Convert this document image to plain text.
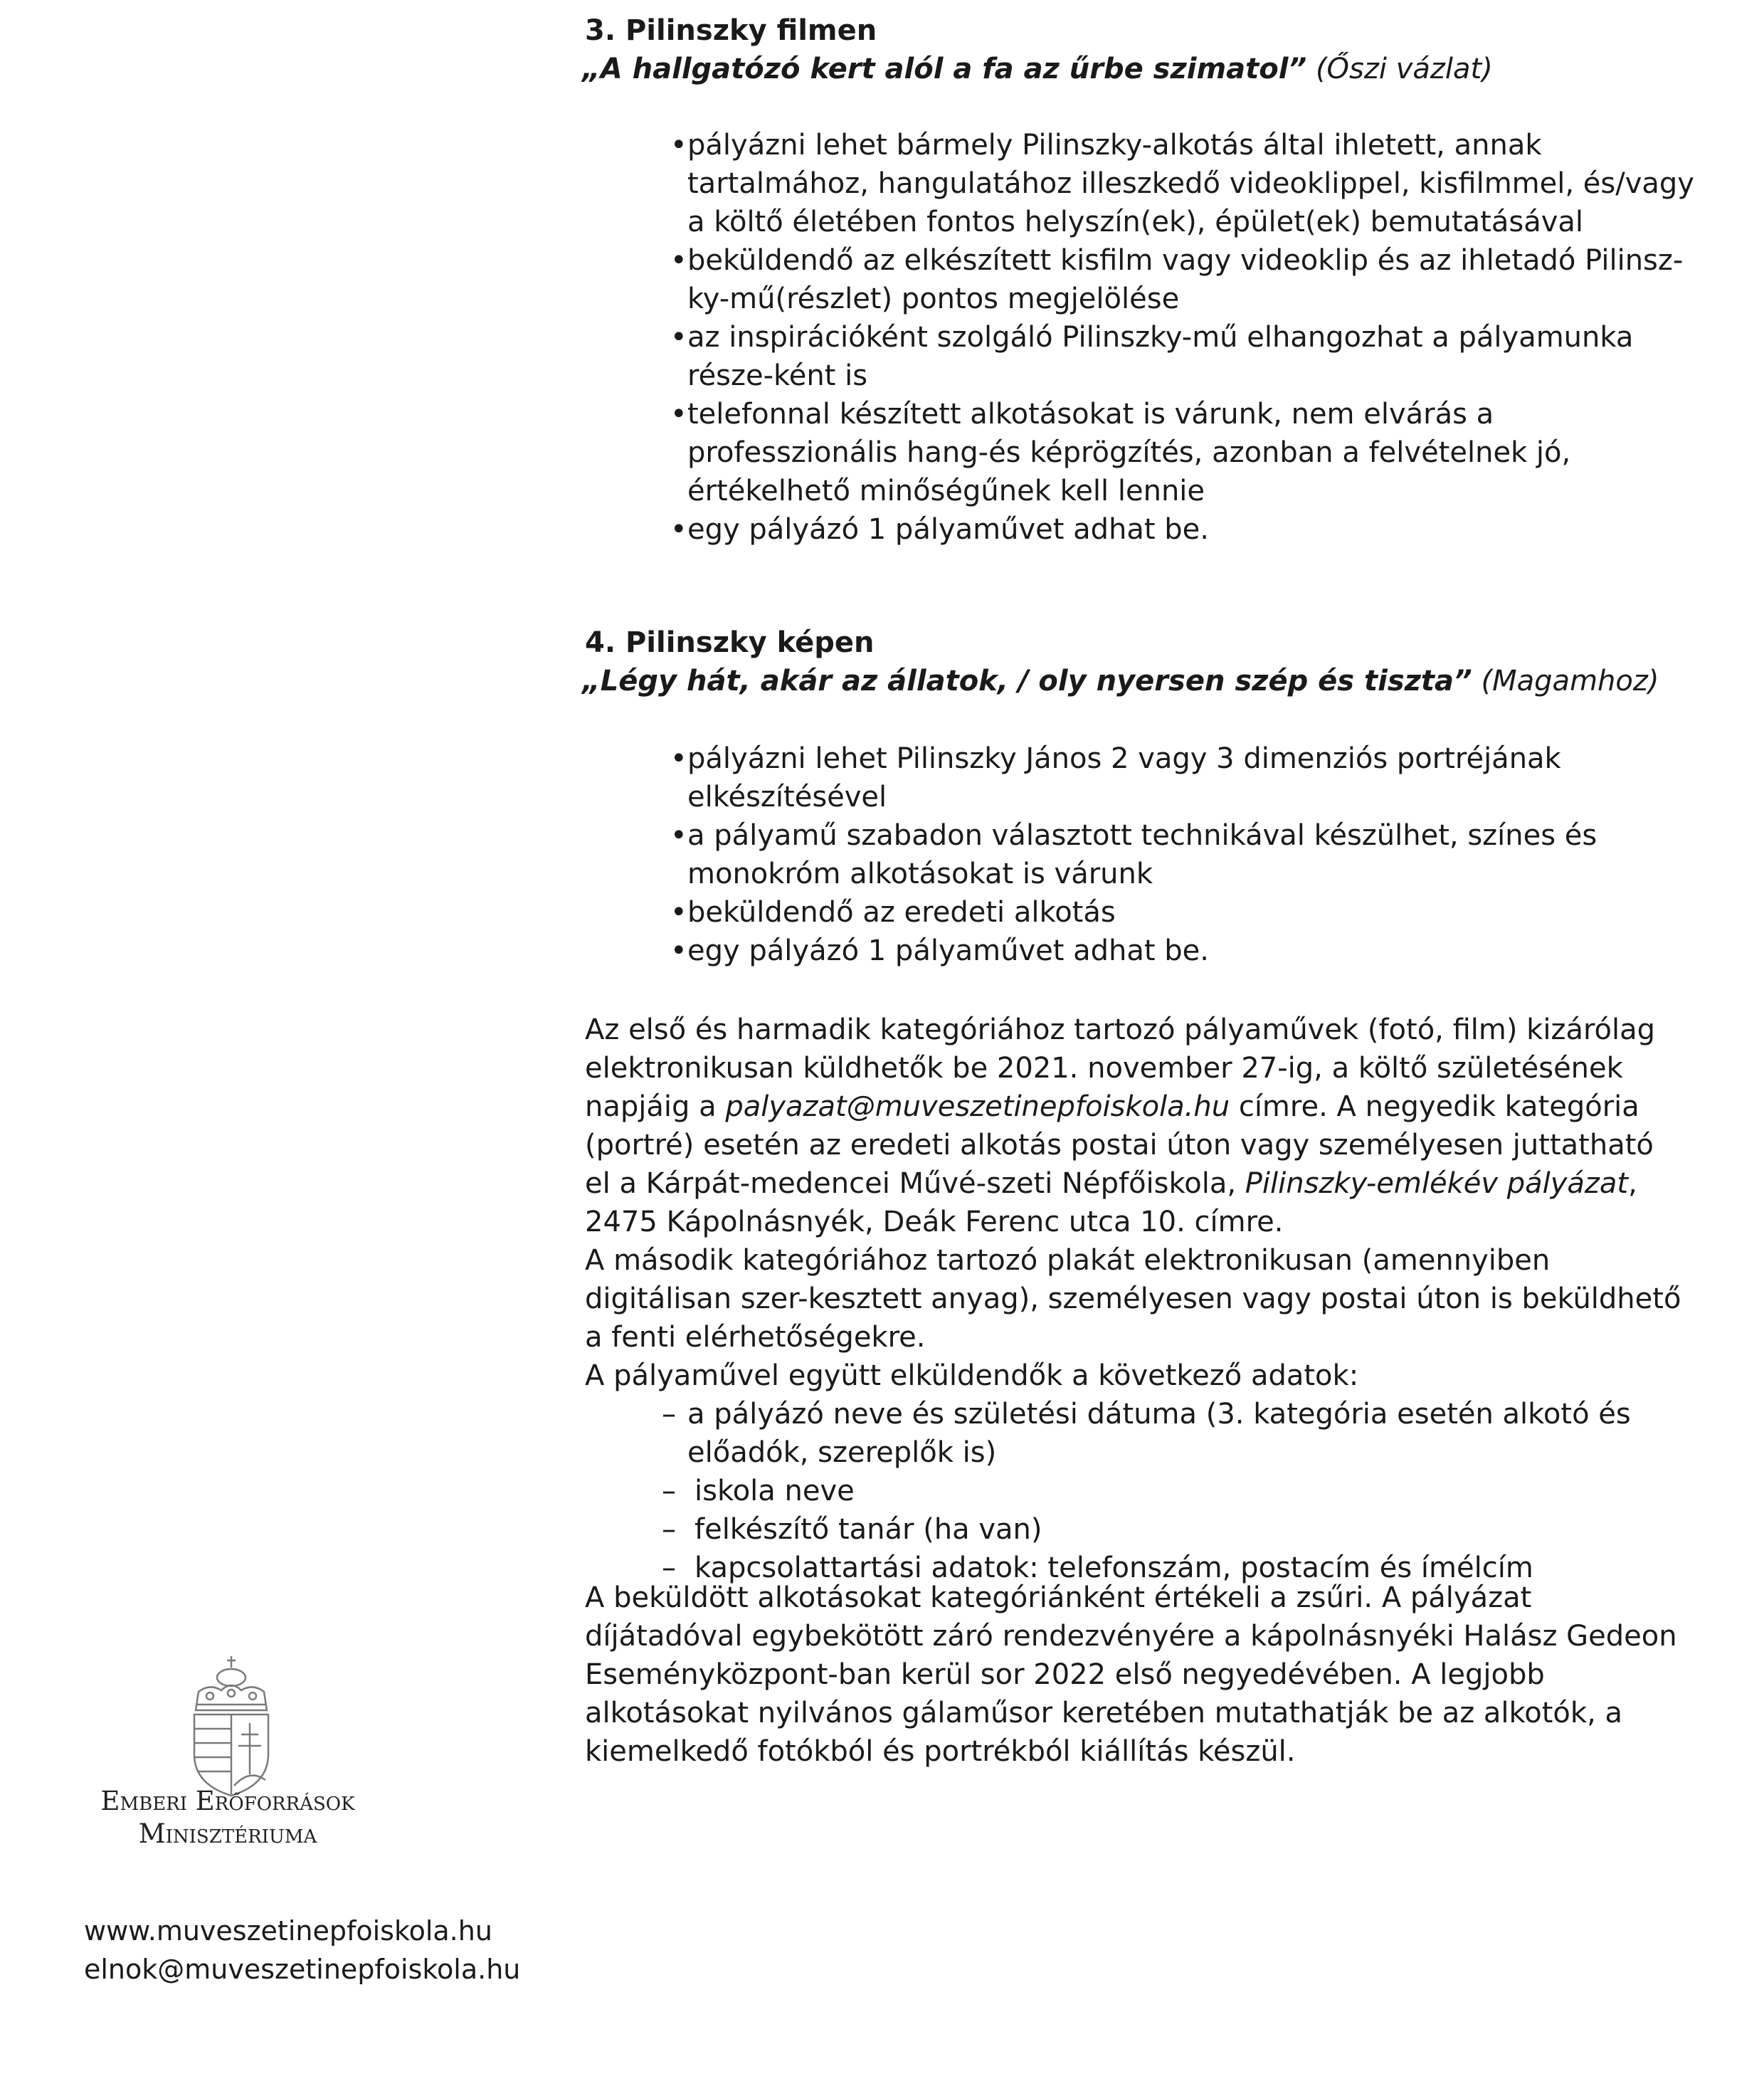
3. Pilinszky filmen

„A hallgatózó kert alól a fa az űrbe szimatol” (Őszi vázlat)

• pályázni lehet bármely Pilinszky-alkotás által ihletett, annak tartalmához, hangulatához illeszkedő videoklippel, kisfilmmel, és/vagy a költő életében fontos helyszín(ek), épület(ek) bemutatásával
• beküldendő az elkészített kisfilm vagy videoklip és az ihletadó Pilinsz-ky-mű(részlet) pontos megjelölése
• az inspirációként szolgáló Pilinszky-mű elhangozhat a pályamunka része-ként is
• telefonnal készített alkotásokat is várunk, nem elvárás a professzionális hang-és képrögzítés, azonban a felvételnek jó, értékelhető minőségűnek kell lennie
• egy pályázó 1 pályaművet adhat be.

4. Pilinszky képen

„Légy hát, akár az állatok, / oly nyersen szép és tiszta” (Magamhoz)

• pályázni lehet Pilinszky János 2 vagy 3 dimenziós portréjának elkészítésével
• a pályamű szabadon választott technikával készülhet, színes és monokróm alkotásokat is várunk
• beküldendő az eredeti alkotás
• egy pályázó 1 pályaművet adhat be.

Az első és harmadik kategóriához tartozó pályaművek (fotó, film) kizárólag elektronikusan küldhetők be 2021. november 27-ig, a költő születésének napjáig a palyazat@muveszetinepfoiskola.hu címre. A negyedik kategória (portré) esetén az eredeti alkotás postai úton vagy személyesen juttatható el a Kárpát-medencei Művé-szeti Népfőiskola, Pilinszky-emlékév pályázat, 2475 Kápolnásnyék, Deák Ferenc utca 10. címre.

A második kategóriához tartozó plakát elektronikusan (amennyiben digitálisan szer-kesztett anyag), személyesen vagy postai úton is beküldhető a fenti elérhetőségekre.

A pályaművel együtt elküldendők a következő adatok:

– a pályázó neve és születési dátuma (3. kategória esetén alkotó és előadók, szereplők is)
– iskola neve
– felkészítő tanár (ha van)
– kapcsolattartási adatok: telefonszám, postacím és ímélcím

A beküldött alkotásokat kategóriánként értékeli a zsűri. A pályázat díjátadóval egybekötött záró rendezvényére a kápolnásnyéki Halász Gedeon Eseményközpont-ban kerül sor 2022 első negyedévében. A legjobb alkotásokat nyilvános gálaműsor keretében mutathatják be az alkotók, a kiemelkedő fotókból és portrékból kiállítás készül.

Emberi Erőforrások
Minisztériuma
www.muveszetinepfoiskola.hu
elnok@muveszetinepfoiskola.hu
